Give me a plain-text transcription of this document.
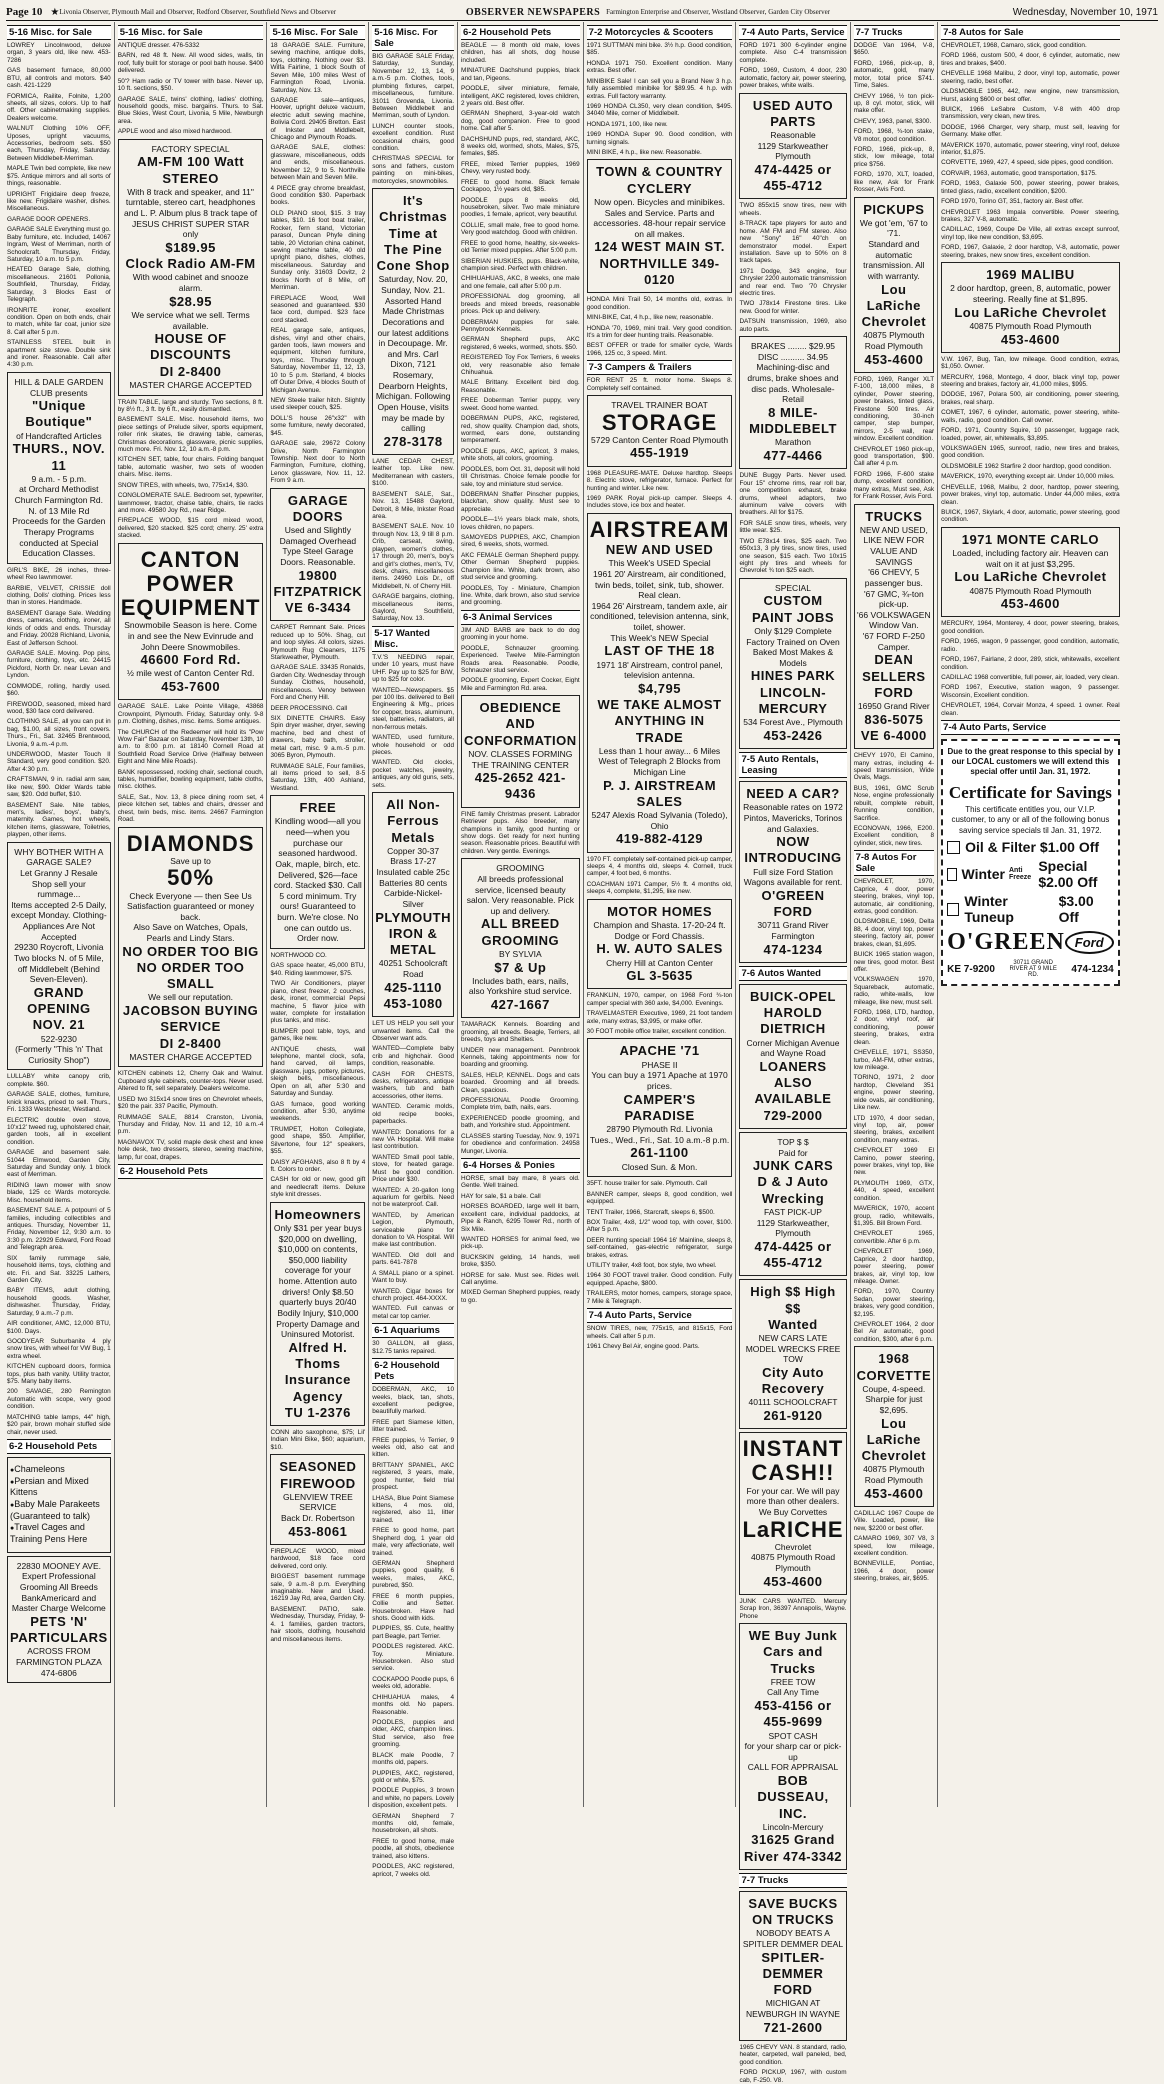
Page 10 ★ Livonia Observer, Plymouth Mail and Observer, Redford Observer, Southfield News and Observer	OBSERVER NEWSPAPERS Farmington Enterprise and Observer, Westland Observer, Garden City Observer	Wednesday, November 10, 1971
5-16 Misc. for Sale
LOWREY Lincolnwood, deluxe organ, 3 years old, like new. 453-7286
GAS basement furnace, 80,000 BTU, all controls and motors. $40 cash. 421-1229
FORMICA, Railite, Folnite, 1,200 sheets, all sizes, colors. Up to half off. Other cabinetmaking supplies. Dealers welcome.
WALNUT Clothing 10% OFF, Uposes, upright vacuums, Accessories, bedroom sets. $50 each, Thursday, Friday, Saturday. Between Middlebelt-Merriman.
MAPLE Twin bed complete, like new $75. Antique mirrors and all sorts of things, reasonable.
UPRIGHT Frigidaire deep freeze, like new. Frigidaire washer, dishes. Miscellaneous.
GARAGE DOOR OPENERS.
GARAGE SALE Everything must go. Baby furniture, etc. Included, 14067 Ingram, West of Merriman, north of Schoolcraft. Thursday, Friday, Saturday, 10 a.m. to 5 p.m.
HEATED Garage Sale, clothing, miscellaneous. 21601 Pollonia, Southfield, Thursday, Friday, Saturday, 3 Blocks East of Telegraph.
IRONRITE ironer, excellent condition. Open on both ends, chair to match, white far coat, junior size 8. Call after 5 p.m.
STAINLESS STEEL built in apartment size stove. Double sink and ironer. Reasonable. Call after 4:30 p.m.
HILL & DALE GARDEN CLUB presents
"Unique Boutique"
of Handcrafted Articles
THURS., NOV. 11
9 a.m. - 5 p.m.
at Orchard Methodist Church Farmington Rd. N. of 13 Mile Rd
Proceeds for the Garden Therapy Programs conducted at Special Education Classes.
GIRL'S BIKE, 26 inches, three-wheel Reo lawnmower.
BARBIE, VELVET, CRISSIE doll clothing, Dolls' clothing. Prices less than in stores. Handmade.
BASEMENT Garage Sale. Wedding dress, cameras, clothing, ironer, all kinds of odds and ends. Thursday and Friday. 20028 Richland, Livonia, East of Jefferson School.
GARAGE SALE. Moving. Pop pins, furniture, clothing, toys, etc. 24415 Pickford, North Dr. near Levan and Lyndon.
COMMODE, rolling, hardly used. $60.
FIREWOOD, seasoned, mixed hard wood, $30 face cord delivered.
CLOTHING SALE, all you can put in bag, $1.00, all sizes, front covers. Thurs., Fri., Sat. 32465 Brentwood, Livonia, 9 a.m.-4 p.m.
UNDERWOOD, Master Touch II Standard, very good condition. $20. After 4:30 p.m.
CRAFTSMAN, 9 in. radial arm saw, like new, $90. Older Wards table saw, $20. Odd buffet, $10.
BASEMENT Sale. Nite tables, men's, ladies', boys', baby's, maternity. Games, hot wheels, kitchen items, glassware, Toiletries, playpen, other items.
WHY BOTHER WITH A GARAGE SALE?
Let Granny J Resale Shop sell your rummage...
Items accepted 2-5 Daily, except Monday. Clothing-Appliances Are Not Accepted
29230 Roycroft, Livonia Two blocks N. of 5 Mile, off Middlebelt (Behind Seven-Eleven).
GRAND OPENING NOV. 21
522-9230
(Formerly "This 'n' That Curiosity Shop")
LULLABY white canopy crib, complete. $60.
GARAGE SALE, clothes, furniture, knick knacks, priced to sell. Thurs., Fri. 1333 Westchester, Westland.
ELECTRIC double oven stove, 10'x12' tweed rug, upholstered chair, garden tools, all in excellent condition.
GARAGE and basement sale. 51044 Elmwood, Garden City, Saturday and Sunday only. 1 block east of Merriman.
RIDING lawn mower with snow blade, 125 cc Wards motorcycle. Misc. household items.
BASEMENT SALE. A potpourri of 5 families, including collectibles and antiques. Thursday, November 11, Friday, November 12, 9:30 a.m. to 3:30 p.m. 22929 Edward, Ford Road and Telegraph area.
SIX family rummage sale, household items, toys, clothing and etc. Fri. and Sat. 33225 Lathers, Garden City.
BABY ITEMS, adult clothing, household goods. Washer, dishwasher. Thursday, Friday, Saturday, 9 a.m.-7 p.m.
AIR conditioner, AMC, 12,000 BTU, $100. Days.
GOODYEAR Suburbanite 4 ply snow tires, with wheel for VW Bug, 1 extra wheel.
KITCHEN cupboard doors, formica tops, plus bath vanity. Utility tractor, $75. Many baby items.
200 SAVAGE, 280 Remington Automatic with scope, very good condition.
MATCHING table lamps, 44" high, $20 pair, brown mohair stuffed side chair, never used.
6-2 Household Pets
● Chameleons
● Persian and Mixed Kittens
● Baby Male Parakeets (Guaranteed to talk)
● Travel Cages and Training Pens Here
22830 MOONEY AVE.
Expert Professional Grooming All Breeds
BankAmericard and Master Charge Welcome
PETS 'N' PARTICULARS
ACROSS FROM FARMINGTON PLAZA
474-6806
5-16 Misc. for Sale
ANTIQUE dresser. 476-5332
BARN, red 48 ft. New. All wood sides, walls, tin roof, fully built for storage or pool bath house. $400 delivered.
50'? Ham radio or TV tower with base. Never up, 10 ft. sections, $50.
GARAGE SALE, twins' clothing, ladies' clothing, household goods, misc. bargains. Thurs. to Sat. Blue Skies, West Court, Livonia, 5 Mile, Newburgh area.
APPLE wood and also mixed hardwood.
FACTORY SPECIAL
AM-FM 100 Watt STEREO
With 8 track and speaker, and 11" turntable, stereo cart, headphones and L. P. Album plus 8 track tape of JESUS CHRIST SUPER STAR
only
$189.95
Clock Radio AM-FM
With wood cabinet and snooze alarm.
$28.95
We service what we sell. Terms available.
HOUSE OF DISCOUNTS
DI 2-8400
MASTER CHARGE ACCEPTED
TRAIN TABLE, large and sturdy. Two sections, 8 ft. by 8½ ft., 3 ft. by 6 ft., easily dismantled.
BASEMENT SALE. Misc. household items, two piece settings of Prelude silver, sports equipment, roller rink skates, tie drawing table, cameras, Christmas decorations, glassware, picnic supplies, much more. Fri. Nov. 12, 10 a.m.-8 p.m.
KITCHEN SET, table, four chairs. Folding banquet table, automatic washer, two sets of wooden chairs. Misc. items.
SNOW TIRES, with wheels, two, 775x14, $30.
CONGLOMERATE SALE. Bedroom set, typewriter, lawnmower, tractor, chaise table, chairs, tie racks and more. 49580 Joy Rd., near Ridge.
FIREPLACE WOOD, $15 cord mixed wood, delivered, $20 stacked. $25 cord; cherry. 25' extra stacked.
CANTON POWER EQUIPMENT
Snowmobile Season is here. Come in and see the New Evinrude and John Deere Snowmobiles.
46600 Ford Rd.
½ mile west of Canton Center Rd.
453-7600
GARAGE SALE. Lake Pointe Village, 43868 Crownpoint, Plymouth. Friday, Saturday only. 9-8 p.m. Clothing, dishes, misc. items. Some antiques.
The CHURCH of the Redeemer will hold its "Pow Wow Fair" Bazaar on Saturday, November 13th, 10 a.m. to 8:00 p.m. at 18140 Cornell Road at Southfield Road Service Drive (Halfway between Eight and Nine Mile Roads).
BANK repossessed, rocking chair, sectional couch, tables, humidifier, bowling equipment, table cloths, misc. clothes.
SALE, Sat., Nov. 13, 8 piece dining room set, 4 piece kitchen set, tables and chairs, dresser and chest, twin beds, misc. items. 24667 Farmington Road.
DIAMONDS
Save up to
50%
Check Everyone — then See Us
Satisfaction guaranteed or money back.
Also Save on Watches, Opals, Pearls and Lindy Stars.
NO ORDER TOO BIG NO ORDER TOO SMALL
We sell our reputation.
JACOBSON BUYING SERVICE
DI 2-8400
MASTER CHARGE ACCEPTED
KITCHEN cabinets 12, Cherry Oak and Walnut. Cupboard style cabinets, counter-tops. Never used. Altered to fit, sell separately. Dealers welcome.
USED two 315x14 snow tires on Chevrolet wheels, $20 the pair. 337 Pacific, Plymouth.
RUMMAGE SALE, 8814 Cranston, Livonia, Thursday and Friday, Nov. 11 and 12, 10 a.m.-4 p.m.
MAGNAVOX TV, solid maple desk chest and knee hole desk, two dressers, stereo, sewing machine, lamp, fur coat, drapes.
6-2 Household Pets
5-16 Misc. For Sale
18 GARAGE SALE. Furniture, sewing machine, antique dolls, toys, clothing. Nothing over $3. Wilfa Fairline, 1 block South of Seven Mile, 100 miles West of Farmington Road, Livonia. Saturday, Nov. 13.
GARAGE sale—antiques, Hoover, upright deluxe vacuum, electric adult sewing machine, Bolivia Cord. 29405 Bretton. East of Inkster and Middlebelt, Chicago and Plymouth Roads.
GARAGE SALE, clothes: glassware, miscellaneous, odds and ends, miscellaneous. November 12, 9 to 5. Northville between Main and Seven Mile.
4 PIECE gray chrome breakfast, Good condition $30. Paperback books.
OLD PIANO stool, $15. 3 tray tables, $10. 16 foot boat trailer, Rocker, fern stand, Victorian parasol, Duncan Phyfe dining table, 20 Victorian china cabinet, sewing machine table, 40 old upright piano, dishes, clothes, miscellaneous. Saturday and Sunday only. 31603 Dovitz, 2 blocks North of 8 Mile, off Merriman.
FIREPLACE Wood, Well seasoned and guaranteed. $30 face cord, dumped. $23 face cord stacked.
REAL garage sale, antiques, dishes, vinyl and other chairs, garden tools, lawn mowers and equipment, kitchen furniture, toys, misc. Thursday through Saturday, November 11, 12, 13, 10 to 5 p.m. Sterland, 4 blocks off Outer Drive, 4 blocks South of Michigan Avenue.
NEW Steele trailer hitch. Slightly used sleeper couch, $25.
DOLL'S house 26"x32" with some furniture, newly decorated, $45.
GARAGE sale, 29672 Colony Drive, North Farmington Township. Next door to North Farmington, Furniture, clothing, Lenox glassware, Nov. 11, 12. From 9 a.m.
GARAGE DOORS
Used and Slightly Damaged Overhead Type Steel Garage Doors. Reasonable.
19800 FITZPATRICK
VE 6-3434
CARPET Remnant Sale. Prices reduced up to 50%. Shag, cut and loop styles. All colors, sizes. Plymouth Rug Cleaners, 1175 Starkweather, Plymouth.
GARAGE SALE. 33435 Ronalds, Garden City. Wednesday through Sunday. Clothes, household, miscellaneous. Venoy between Ford and Cherry Hill.
DEER PROCESSING. Call
SIX DINETTE CHAIRS. Easy Spin dryer washer, dryer, sewing machine, bed and chest of drawers, baby bath, stroller, metal cart, misc. 9 a.m.-5 p.m. 3065 Byron, Plymouth.
RUMMAGE SALE, Four families, all items priced to sell, 8-5 Saturday, 13th, 400 Ashland, Westland.
FREE
Kindling wood—all you need—when you purchase our seasoned hardwood. Oak, maple, birch, etc. Delivered, $26—face cord. Stacked $30. Call 5 cord minimum. Try ours! Guaranteed to burn. We're close. No one can outdo us. Order now.
NORTHWOOD CO.
GAS space heater, 45,000 BTU, $40. Riding lawnmower, $75.
TWO Air Conditioners, player piano, chest freezer, 2 couches, desk, ironer, commercial Pepsi machine, 5 flavor juice with water, complete for installation plus tanks, and misc.
BUMPER pool table, toys, and games, like new.
ANTIQUE chests, wall telephone, mantel clock, sofa, hand carved, oil lamps, glassware, jugs, pottery, pictures, sleigh bells, miscellaneous. Open on all, after 5:30 and Saturday and Sunday.
GAS furnace, good working condition, after 5:30, anytime weekends.
TRUMPET, Holton Collegiate, good shape, $50. Amplifier, Silvertone, four 12" speakers, $55.
DAISY AFGHANS, also 8 ft by 4 ft. Colors to order.
CASH for old or new, good gift and needlecraft items. Deluxe style knit dresses.
Homeowners
Only $31 per year buys $20,000 on dwelling, $10,000 on contents, $50,000 liability coverage for your home. Attention auto drivers! Only $8.50 quarterly buys 20/40 Bodily Injury, $10,000 Property Damage and Uninsured Motorist.
Alfred H. Thoms Insurance Agency
TU 1-2376
CONN alto saxophone, $75; Lil' Indian Mini Bike, $60; aquarium, $10.
SEASONED FIREWOOD
GLENVIEW TREE SERVICE
Back Dr. Robertson
453-8061
FIREPLACE WOOD, mixed hardwood, $18 face cord delivered, cord only.
BIGGEST basement rummage sale, 9 a.m.-8 p.m. Everything imaginable. New and Used. 16219 Jay Rd, area, Garden City.
BASEMENT. PATIO, sale. Wednesday, Thursday, Friday, 9-4. 1 families, garden tractors, hair stools, clothing, household and miscellaneous items.
5-16 Misc. For Sale
BIG GARAGE SALE Friday, Saturday, Sunday, November 12, 13, 14, 9 a.m.-5 p.m. Clothes, tools, plumbing fixtures, carpet, miscellaneous, furniture. 31011 Grovenda, Livonia. Between Middlebelt and Merriman, south of Lyndon.
LUNCH counter stools, excellent condition. Rust occasional chairs, good condition.
CHRISTMAS SPECIAL for sons and fathers, custom painting on mini-bikes, motorcycles, snowmobiles.
It's Christmas Time at The Pine Cone Shop
Saturday, Nov. 20, Sunday, Nov. 21. Assorted Hand Made Christmas Decorations and our latest additions in Decoupage. Mr. and Mrs. Carl Dixon, 7121 Rosemary, Dearborn Heights, Michigan. Following Open House, visits may be made by calling
278-3178
LANE CEDAR CHEST, leather top. Like new. Mediterranean with casters, $100.
BASEMENT SALE, Sat., Nov. 13, 15488 Gaylord, Detroit, 8 Mile, Inkster Road area.
BASEMENT SALE. Nov. 10 through Nov. 13, 9 till 8 p.m. Crib, carseat, swing, playpen, women's clothes, 17 through 20, men's, boy's and girl's clothes, men's, TV, desk, chairs, miscellaneous items. 24960 Lois Dr., off Middlebelt, N. of Cherry Hill.
GARAGE bargains, clothing, miscellaneous items, Gaylord, Southfield, Saturday, Nov. 13.
5-17 Wanted Misc.
T.V.'S NEEDING repair, under 10 years, must have UHF. Pay up to $25 for B/W, up to $25 for color.
WANTED—Newspapers. $5 per 100 lbs. delivered to Bell Engineering & Mfg., prices for copper, brass, aluminum, steel, batteries, radiators, all non-ferrous metals.
WANTED, used furniture, whole household or odd pieces.
WANTED. Old clocks, pocket watches, jewelry, antiques, any old guns, sets, sets.
All Non-Ferrous Metals
Copper 30-37 Brass 17-27 Insulated cable 25c Batteries 80 cents Carbide-Nickel-Silver
PLYMOUTH IRON & METAL
40251 Schoolcraft Road
425-1110 453-1080
LET US HELP you sell your unwanted items. Call the Observer want ads.
WANTED—Complete baby crib and highchair. Good condition, reasonable.
CASH FOR CHESTS, desks, refrigerators, antique washers, tub and bath accessories, other items.
WANTED. Ceramic molds, old recipe books, paperbacks.
WANTED: Donations for a new VA Hospital. Will make last contribution.
WANTED Small pool table, stove, for heated garage. Must be good condition. Price under $30.
WANTED: A 20-gallon long aquarium for gerbils. Need not be waterproof. Call.
WANTED, by American Legion, Plymouth, serviceable piano for donation to VA Hospital. Will make last contribution.
WANTED. Old doll and parts. 641-7878
A SMALL piano or a spinet. Want to buy.
WANTED. Cigar boxes for church project. 464-XXXX.
WANTED. Full canvas or metal car top carrier.
6-1 Aquariums
30 GALLON, all glass, $12.75 tanks repaired.
6-2 Household Pets
DOBERMAN, AKC, 10 weeks, black, tan, shots, excellent pedigree, beautifully marked.
FREE part Siamese kitten, litter trained.
FREE puppies, ½ Terrier, 9 weeks old, also cat and kitten.
BRITTANY SPANIEL, AKC registered, 3 years, male, good hunter, field trial prospect.
LHASA, Blue Point Siamese kittens, 4 mos. old, registered, also 11, litter trained.
FREE to good home, part Shepherd dog, 1 year old male, very affectionate, well trained.
GERMAN Shepherd puppies, good quality, 6 weeks, males, AKC, purebred, $50.
FREE 6 month puppies, Collie and Setter. Housebroken. Have had shots. Good with kids.
PUPPIES, $5. Cute, healthy part Beagle, part Terrier.
POODLES registered. AKC. Toy. Miniature. Housebroken. Also stud service.
COCKAPOO Poodle pups, 6 weeks old, adorable.
CHIHUAHUA males, 4 months old. No papers. Reasonable.
POODLES, puppies and older, AKC, champion lines. Stud service, also free grooming.
BLACK male Poodle, 7 months old, papers.
PUPPIES, AKC, registered, gold or white, $75.
POODLE Puppies, 3 brown and white, no papers. Lovely disposition, excellent pets.
GERMAN Shepherd 7 months old, female, housebroken, all shots.
FREE to good home, male poodle, all shots, obedience trained, also kittens.
POODLES, AKC registered, apricot, 7 weeks old.
6-2 Household Pets
BEAGLE — 8 month old male, loves children, has all shots, dog house included.
MINIATURE Dachshund puppies, black and tan, Pigeons.
POODLE, silver miniature, female, intelligent, AKC registered, loves children, 2 years old. Best offer.
GERMAN Shepherd, 3-year-old watch dog, good companion. Free to good home. Call after 5.
DACHSHUND pups, red, standard, AKC, 8 weeks old, wormed, shots, Males, $75, females, $85.
FREE, mixed Terrier puppies, 1969 Chevy, very rusted body.
FREE to good home. Black female Cockapoo, 1½ years old, $85.
POODLE pups 8 weeks old, housebroken, silver. Two male miniature poodles, 1 female, apricot, very beautiful.
COLLIE, small male, free to good home. Very good watchdog. Good with children.
FREE to good home, healthy, six-weeks-old Terrier mixed puppies. After 5:00 p.m.
SIBERIAN HUSKIES, pups. Black-white, champion sired. Perfect with children.
CHIHUAHUAS, AKC, 8 weeks, one male and one female, call after 5:00 p.m.
PROFESSIONAL dog grooming, all breeds and mixed breeds, reasonable prices. Pick up and delivery.
DOBERMAN puppies for sale. Pennybrook Kennels.
GERMAN Shepherd pups, AKC registered, 6 weeks, wormed, shots. $50.
REGISTERED Toy Fox Terriers, 6 weeks old, very reasonable also female Chihuahua.
MALE Brittany. Excellent bird dog. Reasonable.
FREE Doberman Terrier puppy, very sweet. Good home wanted.
DOBERMAN PUPS, AKC, registered, red, show quality. Champion dad, shots, wormed, ears done, outstanding temperament.
POODLE pups, AKC, apricot, 3 males, white shots, all colors, grooming.
POODLES, born Oct. 31, deposit will hold till Christmas. Choice female poodle for sale, toy and miniature stud service.
DOBERMAN Shaffer Pinscher puppies, black/tan, show quality. Must see to appreciate.
POODLE—1½ years black male, shots, loves children, no papers.
SAMOYEDS PUPPIES, AKC, Champion sired, 6 weeks, shots, wormed.
AKC FEMALE German Shepherd puppy. Other German Shepherd puppies. Champion line. White, dark brown, also stud service and grooming.
POODLES, Toy - Miniature, Champion line. White, dark brown, also stud service and grooming.
6-3 Animal Services
JIM AND BARB are back to do dog grooming in your home.
POODLE, Schnauzer grooming. Experienced. Twelve Mile-Farmington Roads area. Reasonable. Poodle, Schnauzer stud service.
POODLE grooming, Expert Cocker, Eight Mile and Farmington Rd. area.
OBEDIENCE AND CONFORMATION
NOV. CLASSES FORMING
THE TRAINING CENTER
425-2652 421-9436
FINE family Christmas present. Labrador Retriever pups. Also breeder, many champions in family, good hunting or show dogs. Get ready for next hunting season. Reasonable prices. Beautiful with children. Very gentle. Evenings.
GROOMING
All breeds professional service, licensed beauty salon. Very reasonable. Pick up and delivery.
ALL BREED GROOMING
BY SYLVIA
$7 & Up
Includes bath, ears, nails, also Yorkshire stud service.
427-1667
TAMARACK Kennels. Boarding and grooming, all breeds. Beagle, Terriers, all breeds, toys and Shelties.
UNDER new management. Pennbrook Kennels, taking appointments now for boarding and grooming.
SALES, HELP, KENNEL. Dogs and cats boarded. Grooming and all breeds. Clean, spacious.
PROFESSIONAL Poodle Grooming. Complete trim, bath, nails, ears.
EXPERIENCED poodle grooming, and bath, and Yorkshire stud. Appointment.
CLASSES starting Tuesday, Nov. 9, 1971 for obedience and conformation. 24958 Munger, Livonia.
6-4 Horses & Ponies
HORSE, small bay mare, 8 years old. Gentle. Well trained.
HAY for sale, $1 a bale. Call
HORSES BOARDED, large well lit barn, excellent care, individual paddocks, at Pipe & Ranch, 6295 Tower Rd., north of Six Mile.
WANTED HORSES for animal feed, we pick-up.
BUCKSKIN gelding, 14 hands, well broke, $350.
HORSE for sale. Must see. Rides well. Call anytime.
MIXED German Shepherd puppies, ready to go.
7-2 Motorcycles & Scooters
1971 SUTTMAN mini bike. 3½ h.p. Good condition, $85.
HONDA 1971 750. Excellent condition. Many extras. Best offer.
MINIBIKE Sale! I can sell you a Brand New 3 h.p. fully assembled minibike for $89.95. 4 h.p. with extras. Full factory warranty.
1969 HONDA CL350, very clean condition, $495. 34040 Mile, corner of Middlebelt.
HONDA 1971, 100, like new.
1969 HONDA Super 90. Good condition, with turning signals.
MINI BIKE, 4 h.p., like new. Reasonable.
TOWN & COUNTRY CYCLERY
Now open. Bicycles and minibikes. Sales and Service. Parts and accessories. 48-hour repair service on all makes.
124 WEST MAIN ST. NORTHVILLE 349-0120
HONDA Mini Trail 50, 14 months old, extras. In good condition.
MINI-BIKE, Cat, 4 h.p., like new, reasonable.
HONDA '70, 1969, mini trail. Very good condition. It's a trim for deer hunting trails. Reasonable.
BEST OFFER or trade for smaller cycle, Wards 1966, 125 cc, 3 speed. Mint.
7-3 Campers & Trailers
FOR RENT 25 ft. motor home. Sleeps 8. Completely self contained.
TRAVEL TRAINER BOAT
STORAGE
5729 Canton Center Road Plymouth
455-1919
1968 PLEASURE-MATE. Deluxe hardtop. Sleeps 8. Electric stove, refrigerator, furnace. Perfect for hunting and winter. Like new.
1969 PARK Royal pick-up camper. Sleeps 4. Includes stove, ice box and heater.
AIRSTREAM
NEW AND USED
This Week's USED Special
1961 20' Airstream, air conditioned, twin beds, toilet, sink, tub, shower. Real clean.
1964 26' Airstream, tandem axle, air conditioned, television antenna, sink, toilet, shower.
This Week's NEW Special
LAST OF THE 18
1971 18' Airstream, control panel, television antenna.
$4,795
WE TAKE ALMOST ANYTHING IN TRADE
Less than 1 hour away... 6 Miles West of Telegraph 2 Blocks from Michigan Line
P. J. AIRSTREAM SALES
5247 Alexis Road Sylvania (Toledo), Ohio
419-882-4129
1970 FT. completely self-contained pick-up camper, sleeps 4, 4 months old, sleeps 4. Cornell, truck camper, 4 foot bed, 6 months.
COACHMAN 1971 Camper, 5½ ft. 4 months old, sleeps 4, complete, $1,295, like new.
MOTOR HOMES
Champion and Shasta. 17-20-24 ft. Dodge or Ford Chassis.
H. W. AUTO SALES
Cherry Hill at Canton Center
GL 3-5635
FRANKLIN, 1970, camper, on 1968 Ford ¾-ton camper special with 360 axle, $4,000. Evenings.
TRAVELMASTER Executive, 1969, 21 foot tandem axle, many extras, $3,995, or make offer.
30 FOOT mobile office trailer, excellent condition.
APACHE '71
PHASE II
You can buy a 1971 Apache at 1970 prices.
CAMPER'S PARADISE
28790 Plymouth Rd. Livonia
Tues., Wed., Fri., Sat. 10 a.m.-8 p.m.
261-1100
Closed Sun. & Mon.
35FT. house trailer for sale. Plymouth. Call
BANNER camper, sleeps 8, good condition, well equipped.
TENT Trailer, 1966, Starcraft, sleeps 6, $500.
BOX Trailer, 4x8, 1/2" wood top, with cover, $100. After 5 p.m.
DEER hunting special! 1964 16' Mainline, sleeps 8, self-contained, gas-electric refrigerator, surge brakes, extras.
UTILITY trailer, 4x8 foot, box style, two wheel.
1964 30 FOOT travel trailer. Good condition. Fully equipped. Apache, $800.
TRAILERS, motor homes, campers, storage space, 7 Mile & Telegraph.
7-4 Auto Parts, Service
SNOW TIRES, new, 775x15, and 815x15, Ford wheels. Call after 5 p.m.
1961 Chevy Bel Air, engine good. Parts.
7-4 Auto Parts, Service
FORD 1971 300 6-cylinder engine complete. Also C-4 transmission complete.
FORD, 1969, Custom, 4 door, 230 automatic, factory air, power steering, power brakes, white walls.
USED AUTO PARTS
Reasonable
1129 Starkweather Plymouth
474-4425 or 455-4712
TWO 855x15 snow tires, new with wheels.
8-TRACK tape players for auto and home. AM FM and FM stereo. Also new "Sony" 16" 40"ch on demonstrator model. Expert installation. Save up to 50% on 8 track tapes.
1971 Dodge, 343 engine, four Chrysler 2200 automatic transmission and rear end. Two '70 Chrysler electric tires.
TWO J78x14 Firestone tires. Like new. Good for winter.
DATSUN transmission, 1969, also auto parts.
BRAKES ........ $29.95
DISC .......... 34.95
Machining-disc and drums, brake shoes and disc pads. Wholesale-Retail
8 MILE-MIDDLEBELT
Marathon
477-4466
DUNE Buggy Parts. Never used. Four 15" chrome rims, rear roll bar, one competition exhaust, brake drums, wheel adaptors, two aluminum valve covers with breathers. All for $175.
FOR SALE snow tires, wheels, very little wear. $25.
TWO E78x14 tires, $25 each. Two 650x13, 3 ply tires, snow tires, used one season, $15 each. Two 10x15 eight ply tires and wheels for Chevrolet ¾ ton $25 each.
SPECIAL
CUSTOM PAINT JOBS
Only $129 Complete
Factory Trained on Oven Baked Most Makes & Models
HINES PARK LINCOLN-MERCURY
534 Forest Ave., Plymouth
453-2426
7-5 Auto Rentals, Leasing
NEED A CAR?
Reasonable rates on 1972 Pintos, Mavericks, Torinos and Galaxies.
NOW INTRODUCING
Full size Ford Station Wagons available for rent.
O'GREEN FORD
30711 Grand River Farmington
474-1234
7-6 Autos Wanted
BUICK-OPEL HAROLD DIETRICH
Corner Michigan Avenue and Wayne Road
LOANERS ALSO AVAILABLE
729-2000
TOP $ $
Paid for
JUNK CARS
D & J Auto Wrecking
FAST PICK-UP
1129 Starkweather, Plymouth
474-4425 or 455-4712
High $$ High $$
Wanted
NEW CARS LATE MODEL WRECKS FREE TOW
City Auto Recovery
40111 SCHOOLCRAFT
261-9120
INSTANT CASH!!
For your car. We will pay more than other dealers.
We Buy Corvettes
LaRICHE
Chevrolet
40875 Plymouth Road Plymouth
453-4600
JUNK CARS WANTED. Mercury Scrap Iron, 36397 Annapolis, Wayne. Phone
WE Buy Junk Cars and Trucks
FREE TOW
Call Any Time
453-4156 or 455-9699
SPOT CASH
for your sharp car or pick-up
CALL FOR APPRAISAL
BOB DUSSEAU, INC.
Lincoln-Mercury
31625 Grand River 474-3342
7-7 Trucks
SAVE BUCKS ON TRUCKS
NOBODY BEATS A SPITLER DEMMER DEAL
SPITLER-DEMMER FORD
MICHIGAN AT NEWBURGH IN WAYNE
721-2600
1965 CHEVY VAN. 8 standard, radio, heater, carpeted, wall paneled, bed, good condition.
FORD PICKUP, 1967, with custom cab, F-250. V8.
7-7 Trucks
DODGE Van 1964, V-8, $650.
FORD, 1966, pick-up, 8, automatic, gold, many motor, total price $741. Time, Sales.
CHEVY 1966, ½ ton pick-up, 8 cyl. motor, stick, will make offer.
CHEVY, 1963, panel, $300.
FORD, 1968, ¾-ton stake, V8 motor, good condition.
FORD, 1966, pick-up, 8, stick, low mileage, total price $756.
FORD, 1970, XLT, loaded, like new, Ask for Frank Rosser, Avis Ford.
PICKUPS
We got 'em, '67 to '71.
Standard and automatic transmission. All with warranty.
Lou LaRiche Chevrolet
40875 Plymouth Road Plymouth
453-4600
FORD, 1969, Ranger XLT F-100, 18,000 miles, 8 cylinder, Power steering, power brakes, tinted glass, Firestone 500 tires. Air conditioning, 30-inch camper, step bumper, mirrors, 2-5 wall, rear window. Excellent condition.
CHEVROLET 1960 pick-up, good transportation, $90. Call after 4 p.m.
FORD 1966, F-600 stake dump, excellent condition, many extras, Must see, Ask for Frank Rosser, Avis Ford.
TRUCKS
NEW AND USED, LIKE NEW FOR VALUE AND SAVINGS
'66 CHEVY, 5 passenger bus.
'67 GMC, ¾-ton pick-up.
'66 VOLKSWAGEN Window Van.
'67 FORD F-250 Camper.
DEAN SELLERS FORD
16950 Grand River
836-5075 VE 6-4000
CHEVY 1970, El Camino, many extras, including 4-speed transmission, Wide Ovals, Mags.
BUS, 1961, GMC Scrub Nose, engine professionally rebuilt, complete rebuilt, Running condition, Sacrifice.
ECONOVAN, 1966, E200. Excellent condition, 8 cylinder, stick, new tires.
7-8 Autos For Sale
CHEVROLET, 1970, Caprice, 4 door, power steering, brakes, vinyl top, automatic, air conditioning, extras, good condition.
OLDSMOBILE, 1969, Delta 88, 4 door, vinyl top, power steering, factory air, power brakes, clean, $1,695.
BUICK 1965 station wagon, new tires, good motor. Best offer.
VOLKSWAGEN 1970, Squareback, automatic, radio, white-walls, low mileage, like new, must sell.
FORD, 1968, LTD, hardtop, 2 door, vinyl roof, air conditioning, power steering, brakes, extra clean.
CHEVELLE, 1971, SS350, turbo, AM-FM, other extras, low mileage.
TORINO, 1971, 2 door hardtop, Cleveland 351 engine, power steering, wide ovals, air conditioning, Like new.
LTD 1970, 4 door sedan, vinyl top, air, power steering, brakes, excellent condition, many extras.
CHEVROLET 1969 El Camino, power steering, power brakes, vinyl top, like new.
PLYMOUTH 1969, GTX, 440, 4 speed, excellent condition.
MAVERICK, 1970, accent group, radio, whitewalls, $1,395. Bill Brown Ford.
CHEVROLET 1965, convertible. After 6 p.m.
CHEVROLET 1969, Caprice, 2 door hardtop, power steering, power brakes, air, vinyl top, low mileage. Owner.
FORD, 1970, Country Sedan, power steering, brakes, very good condition, $2,195.
CHEVROLET 1964, 2 door Bel Air automatic, good condition, $300, after 6 p.m.
1968 CORVETTE
Coupe, 4-speed. Sharpie for just $2,695.
Lou LaRiche Chevrolet
40875 Plymouth Road Plymouth
453-4600
CADILLAC 1967 Coupe de Ville. Loaded, power, like new, $2200 or best offer.
CAMARO 1969, 307 V8, 3 speed, low mileage, excellent condition.
BONNEVILLE, Pontiac, 1966, 4 door, power steering, brakes, air, $695.
7-8 Autos for Sale
CHEVROLET, 1968, Camaro, stick, good condition.
FORD 1966, custom 500, 4 door, 6 cylinder, automatic, new tires and brakes, $400.
CHEVELLE 1968 Malibu, 2 door, vinyl top, automatic, power steering, radio, best offer.
OLDSMOBILE 1965, 442, new engine, new transmission, Hurst, asking $600 or best offer.
BUICK, 1966 LeSabre Custom, V-8 with 400 drop transmission, very clean, new tires.
DODGE, 1966 Charger, very sharp, must sell, leaving for Germany. Make offer.
MAVERICK 1970, automatic, power steering, vinyl roof, deluxe interior, $1,875.
CORVETTE, 1969, 427, 4 speed, side pipes, good condition.
CORVAIR, 1963, automatic, good transportation, $175.
FORD, 1963, Galaxie 500, power steering, power brakes, tinted glass, radio, excellent condition, $200.
FORD 1970, Torino GT, 351, factory air. Best offer.
CHEVROLET 1963 Impala convertible. Power steering, brakes, 327 V-8, automatic.
CADILLAC, 1969, Coupe De Ville, all extras except sunroof, vinyl top, like new condition, $3,695.
FORD, 1967, Galaxie, 2 door hardtop, V-8, automatic, power steering, brakes, new snow tires, excellent condition.
1969 MALIBU
2 door hardtop, green, 8, automatic, power steering. Really fine at $1,895.
Lou LaRiche Chevrolet
40875 Plymouth Road Plymouth
453-4600
V.W. 1967, Bug, Tan, low mileage. Good condition, extras, $1,050. Owner.
MERCURY, 1968, Montego, 4 door, black vinyl top, power steering and brakes, factory air, 41,000 miles, $995.
DODGE, 1967, Polara 500, air conditioning, power steering, brakes, real sharp.
COMET, 1967, 6 cylinder, automatic, power steering, white-walls, radio, good condition. Call owner.
FORD, 1971, Country Squire, 10 passenger, luggage rack, loaded, power, air, whitewalls, $3,895.
VOLKSWAGEN 1965, sunroof, radio, new tires and brakes, good condition.
OLDSMOBILE 1962 Starfire 2 door hardtop, good condition.
MAVERICK, 1970, everything except air. Under 10,000 miles.
CHEVELLE, 1968, Malibu, 2 door, hardtop, power steering, power brakes, vinyl top, automatic. Under 44,000 miles, extra clean.
BUICK, 1967, Skylark, 4 door, automatic, power steering, good condition.
1971 MONTE CARLO
Loaded, including factory air. Heaven can wait on it at just $3,295.
Lou LaRiche Chevrolet
40875 Plymouth Road Plymouth
453-4600
MERCURY, 1964, Monterey, 4 door, power steering, brakes, good condition.
FORD, 1965, wagon, 9 passenger, good condition, automatic, radio.
FORD, 1967, Fairlane, 2 door, 289, stick, whitewalls, excellent condition.
CADILLAC 1968 convertible, full power, air, loaded, very clean.
FORD 1967, Executive, station wagon, 9 passenger. Wisconsin, Excellent condition.
CHEVROLET, 1964, Corvair Monza, 4 speed. 1 owner. Real clean.
7-4 Auto Parts, Service
Due to the great response to this special by our LOCAL customers we will extend this special offer until Jan. 31, 1972.
Certificate for Savings
This certificate entitles you, our V.I.P. customer, to any or all of the following bonus saving service specials til Jan. 31, 1972.
Oil & Filter $1.00 Off
Winter Anti Freeze
Special $2.00 Off
Winter Tuneup
$3.00 Off
O'GREEN Ford
KE 7-9200
30711 GRAND RIVER AT 9 MILE RD.
474-1234
